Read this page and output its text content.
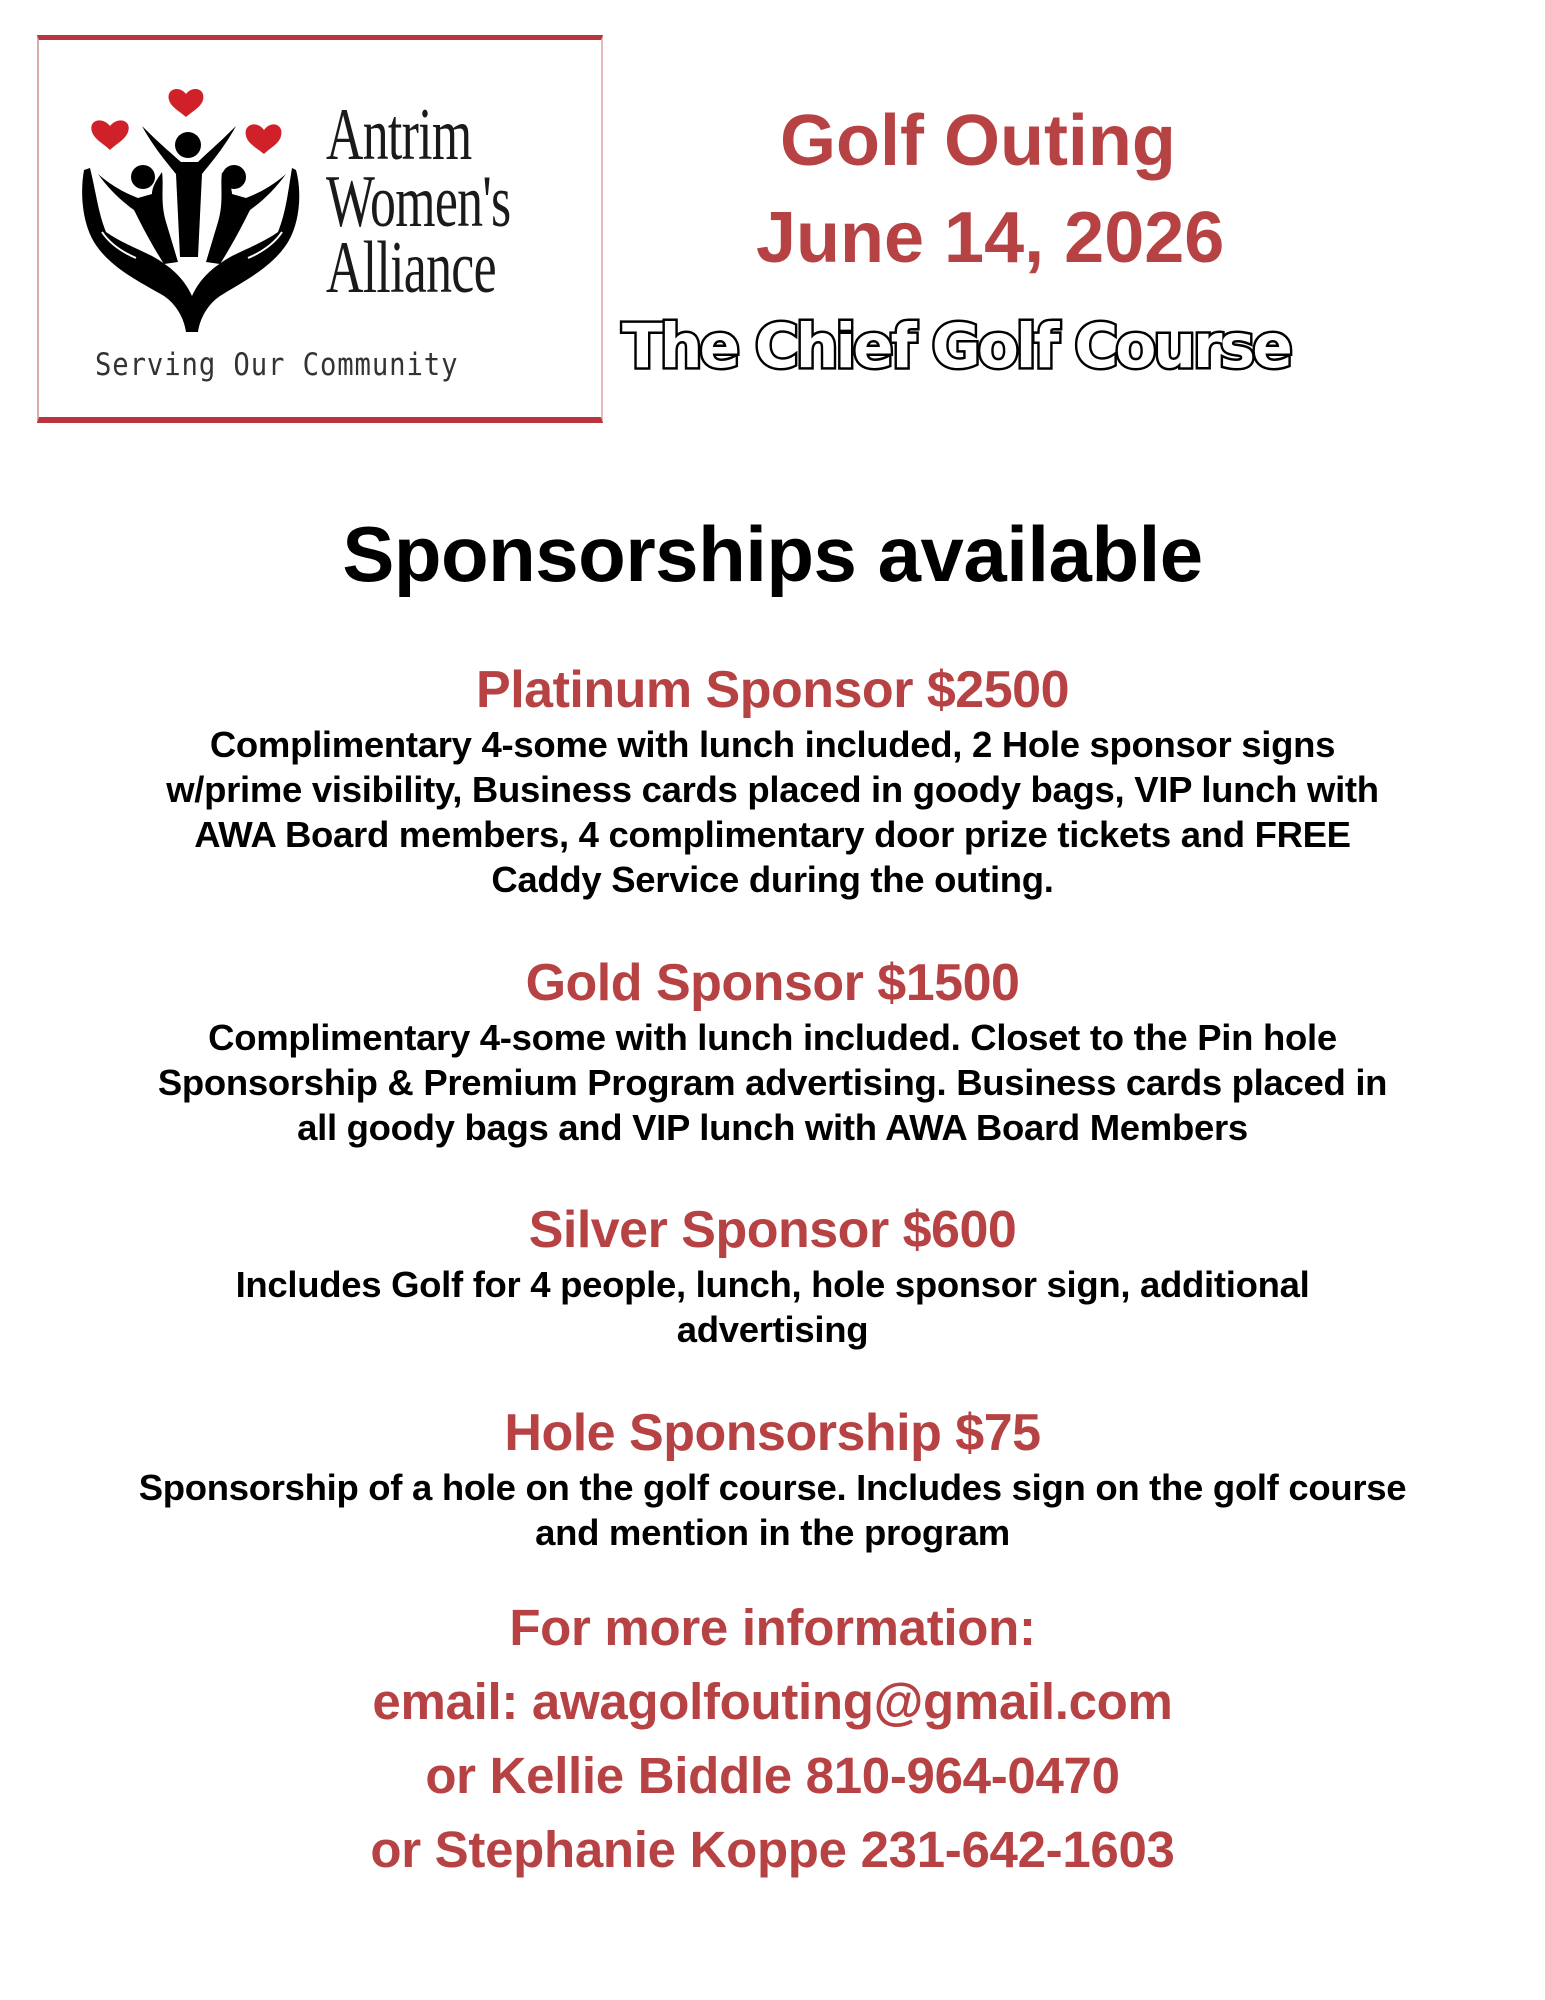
Antrim
Women's
Alliance
Serving Our Community
Golf Outing
June 14, 2026
The Chief Golf Course
Sponsorships available
Platinum Sponsor $2500
Complimentary 4-some with lunch included, 2 Hole sponsor signs
w/prime visibility, Business cards placed in goody bags, VIP lunch with
AWA Board members, 4 complimentary door prize tickets and FREE
Caddy Service during the outing.
Gold Sponsor $1500
Complimentary 4-some with lunch included. Closet to the Pin hole
Sponsorship & Premium Program advertising. Business cards placed in
all goody bags and VIP lunch with AWA Board Members
Silver Sponsor $600
Includes Golf for 4 people, lunch, hole sponsor sign, additional
advertising
Hole Sponsorship $75
Sponsorship of a hole on the golf course. Includes sign on the golf course
and mention in the program
For more information:
email: awagolfouting@gmail.com
or Kellie Biddle 810-964-0470
or Stephanie Koppe 231-642-1603
